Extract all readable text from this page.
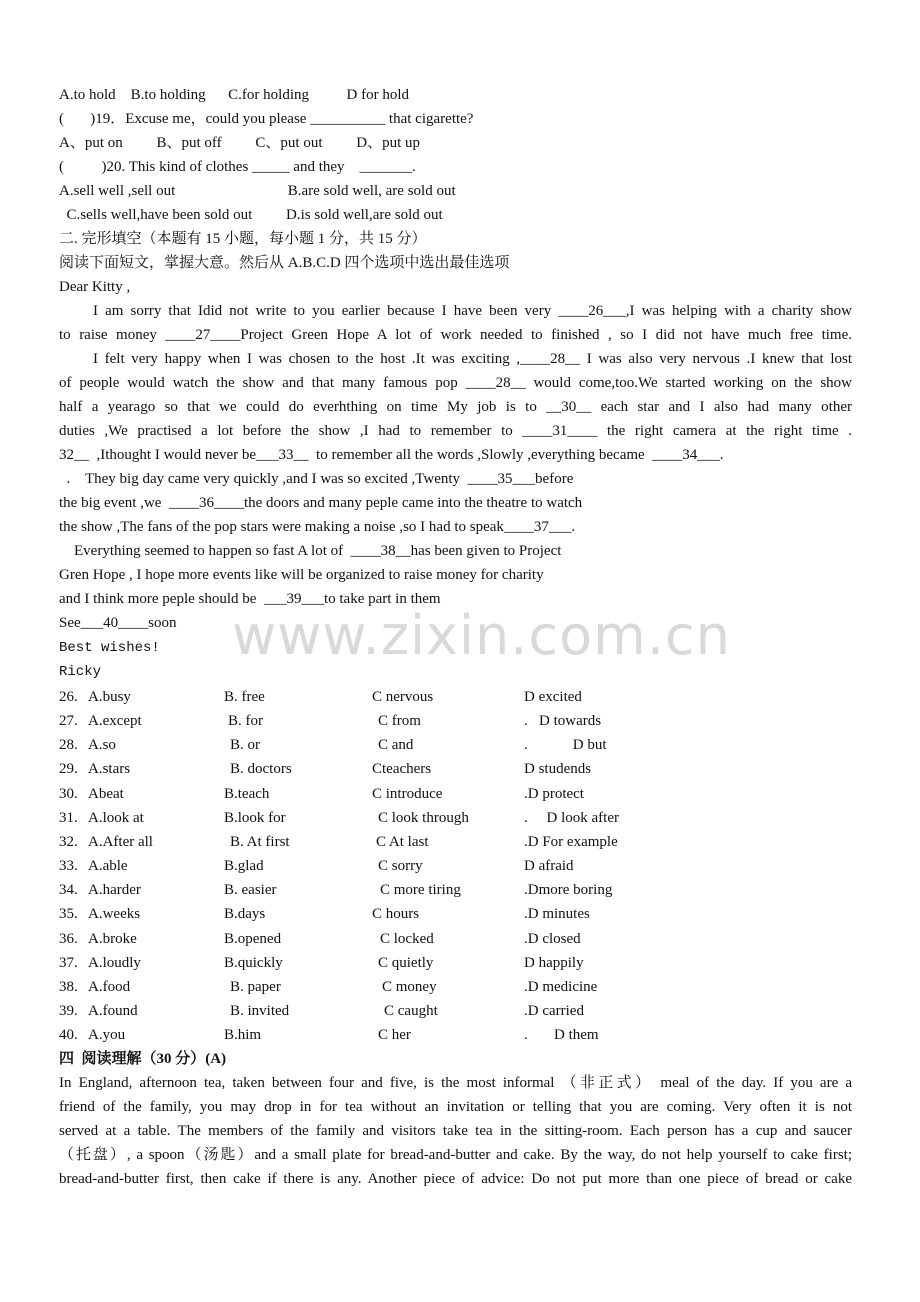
A.to hold    B.to holding      C.for holding          D for hold
(       )19．Excuse me，could you please __________ that cigarette?
A、put on         B、put off         C、put out         D、put up
(          )20. This kind of clothes _____ and they    _______.
A.sell well ,sell out                              B.are sold well, are sold out
C.sells well,have been sold out         D.is sold well,are sold out
二. 完形填空（本题有 15 小题，每小题 1 分，共 15 分）
阅读下面短文，掌握大意。然后从 A.B.C.D 四个选项中选出最佳选项
Dear Kitty ,
I am sorry that Idid not write to you earlier because I have been very ____26___,I was helping with a charity show
to raise money ____27____Project Green Hope A lot of work needed to finished , so I did not have much free time.
I felt very happy when I was chosen to the host .It was exciting ,____28__ I was also very nervous .I knew that lost
of people would watch the show and that many famous pop ____28__ would come,too.We started working on the show
half a yearago so that we could do everhthing on time My job is to __30__ each star and I also had many other
duties ,We practised a lot before the show ,I had to remember to ____31____ the right camera at the right time .
32__  ,Ithought I would never be___33__  to remember all the words ,Slowly ,everything became  ____34___.
.    They big day came very quickly ,and I was so excited ,Twenty  ____35___before
the big event ,we  ____36____the doors and many peple came into the theatre to watch
the show ,The fans of the pop stars were making a noise ,so I had to speak____37___.
Everything seemed to happen so fast A lot of  ____38__has been given to Project
Gren Hope , I hope more events like will be organized to raise money for charity
and I think more peple should be  ___39___to take part in them
See___40____soon
Best wishes!
Ricky
26. A.busy	B. free	C nervous	D excited
27. A.except	B. for	C from	.   D towards
28. A.so	B. or	C and	.            D but
29. A.stars	B. doctors	Cteachers	D studends
30. Abeat	B.teach	C introduce	.D protect
31. A.look at	B.look for	C look through	.     D look after
32. A.After all	B. At first	C At last	.D For example
33. A.able	B.glad	C sorry	D afraid
34. A.harder	B. easier	C more tiring	.Dmore boring
35. A.weeks	B.days	C hours	.D minutes
36. A.broke	B.opened	C locked	.D closed
37. A.loudly	B.quickly	C quietly	D happily
38. A.food	B. paper	C money	.D medicine
39. A.found	B. invited	C caught	.D carried
40. A.you	B.him	C her	.       D them
四  阅读理解（30 分）(A)
In England, afternoon tea, taken between four and five, is the most informal （非正式） meal of the day. If you are a
friend of the family, you may drop in for tea without an invitation or telling that you are coming. Very often it is not
served at a table. The members of the family and visitors take tea in the sitting-room. Each person has a cup and saucer
（托盘）, a spoon（汤匙）and a small plate for bread-and-butter and cake. By the way, do not help yourself to cake first;
bread-and-butter first, then cake if there is any. Another piece of advice: Do not put more than one piece of bread or cake
www.zixin.com.cn
